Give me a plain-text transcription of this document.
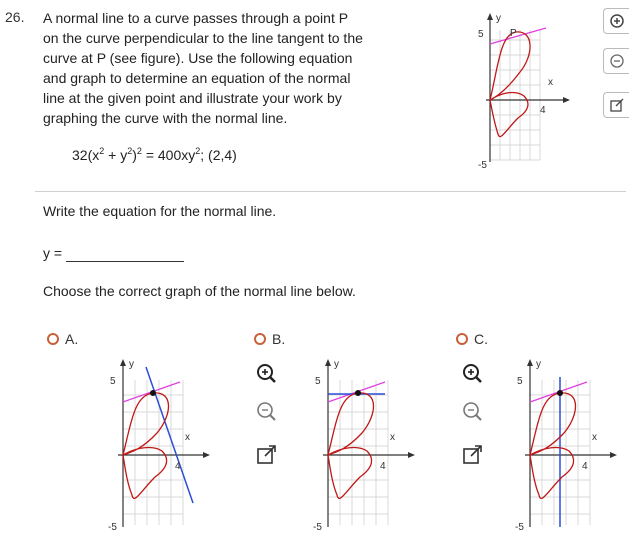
26. A normal line to a curve passes through a point P
on the curve perpendicular to the line tangent to the
curve at P (see figure). Use the following equation
and graph to determine an equation of the normal
line at the given point and illustrate your work by
graphing the curve with the normal line.
y
5	P
x
4
-5
$32(x^2 + y^2)^2 = 400xy^2$; (2,4)
Write the equation for the normal line.
y =
Choose the correct graph of the normal line below.
A.	B.	C.
y
5
x
4
-5
y
5
x
4
-5
y
5
x
4
-5
